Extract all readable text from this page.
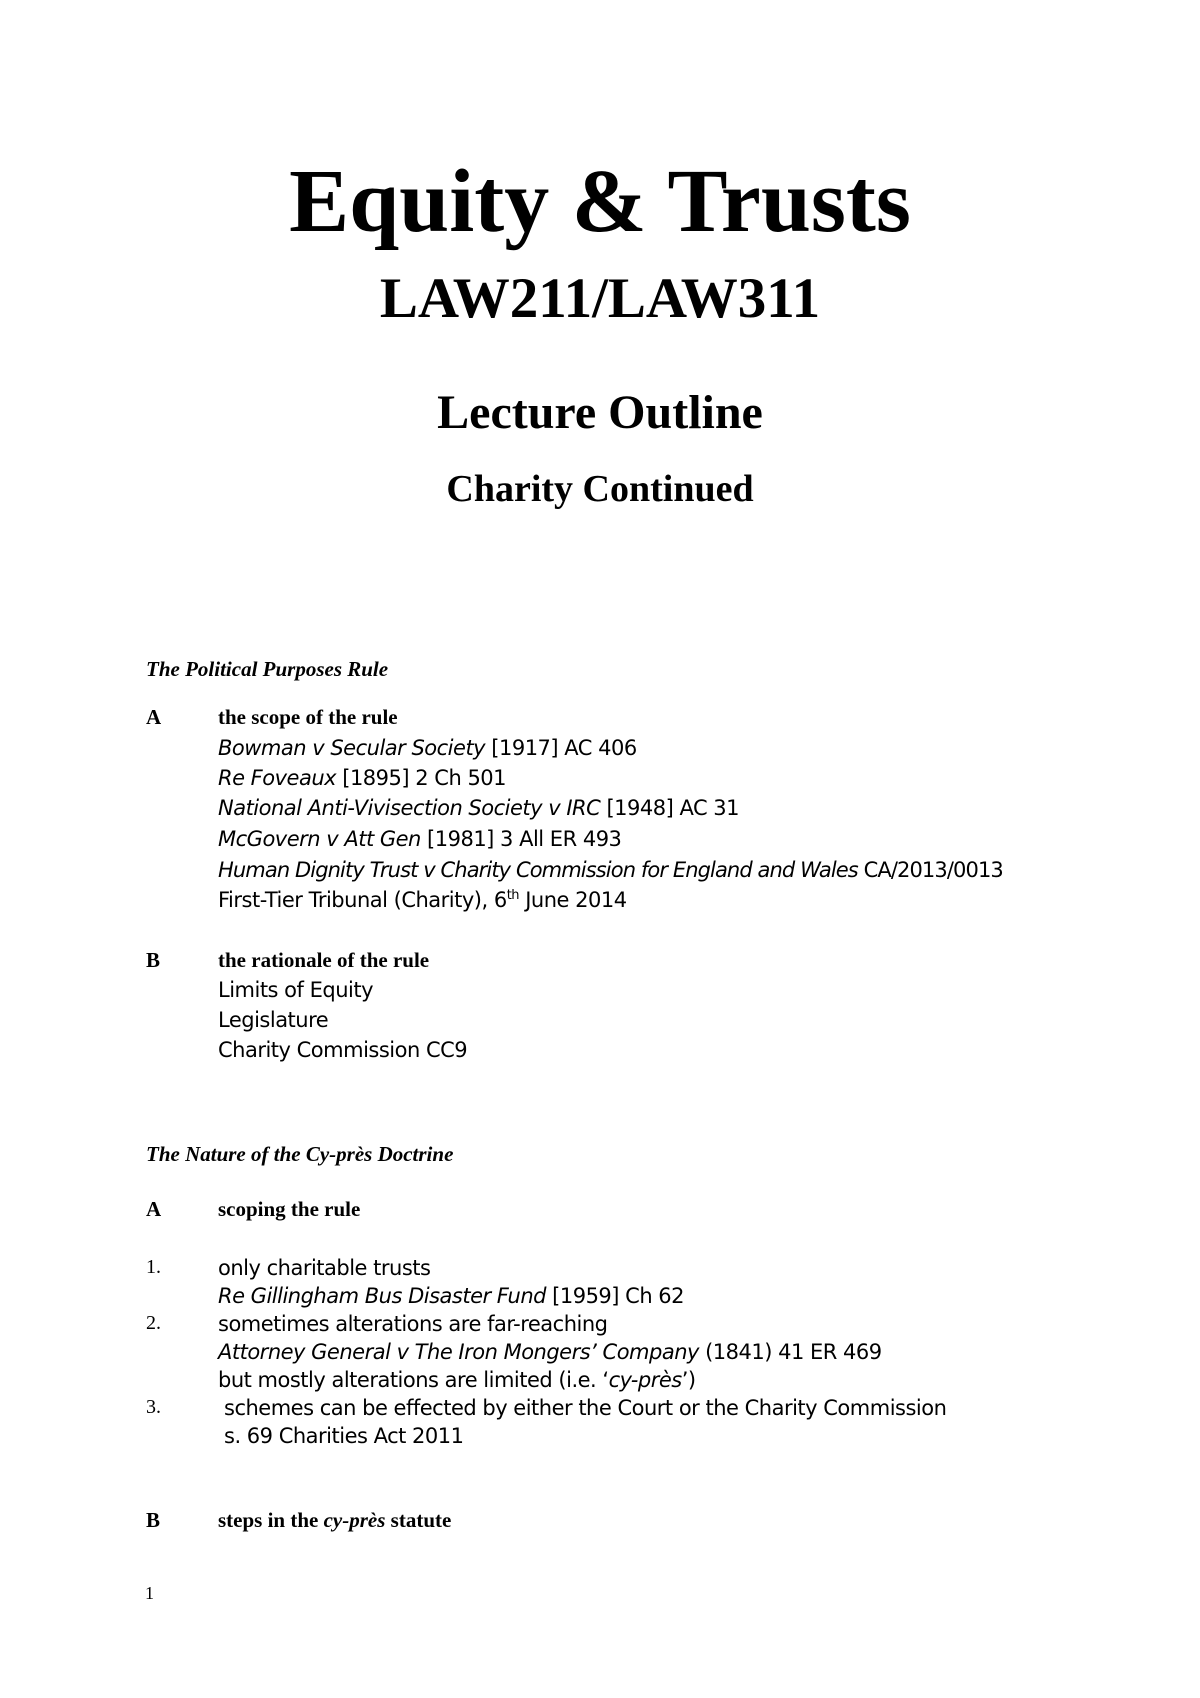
Equity & Trusts
LAW211/LAW311
Lecture Outline
Charity Continued
The Political Purposes Rule
A	the scope of the rule
Bowman v Secular Society [1917] AC 406
Re Foveaux [1895] 2 Ch 501
National Anti-Vivisection Society v IRC [1948] AC 31
McGovern v Att Gen [1981] 3 All ER 493
Human Dignity Trust v Charity Commission for England and Wales CA/2013/0013
First-Tier Tribunal (Charity), 6th June 2014
B	the rationale of the rule
Limits of Equity
Legislature
Charity Commission CC9
The Nature of the Cy-près Doctrine
A	scoping the rule
1.	only charitable trusts
Re Gillingham Bus Disaster Fund [1959] Ch 62
2.	sometimes alterations are far-reaching
Attorney General v The Iron Mongers’ Company (1841) 41 ER 469
but mostly alterations are limited (i.e. ‘cy-près’)
3.	schemes can be effected by either the Court or the Charity Commission
s. 69 Charities Act 2011
B	steps in the cy-près statute
1
